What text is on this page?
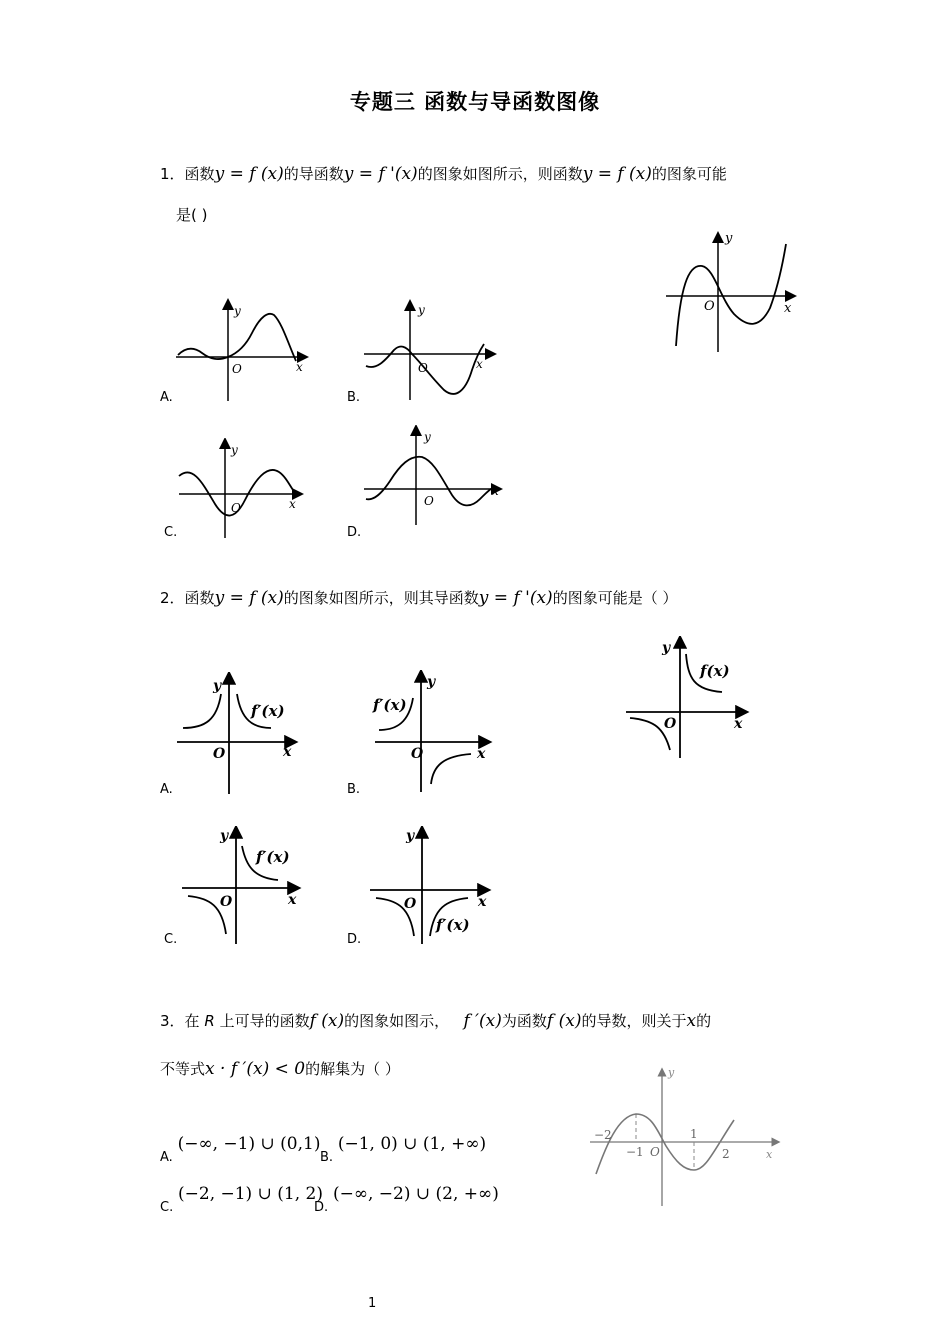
专题三 函数与导函数图像
1．函数y = f (x)的导函数y = f '(x)的图象如图所示，则函数y = f (x)的图象可能
是( )
y
O	x
y
O	x
A.
y
O	x
B.
y
O	x
C.
y
O
x
D.
2．函数y = f (x)的图象如图所示，则其导函数y = f '(x)的图象可能是（ ）
y
f(x)
O	x
y
f′(x)
O	x
A.
f′(x)
y
O	x
B.
y
f′(x)
O	x
C.
y
O	x
f′(x)
D.
3．在 R 上可导的函数f (x)的图象如图示， f ′(x)为函数f (x)的导数，则关于x的
不等式x · f ′(x) < 0的解集为（ ）
−2
−1 O
1
2	x
y
A. (−∞, −1) ∪ (0,1)
B. (−1, 0) ∪ (1, +∞)
C. (−2, −1) ∪ (1, 2)
D. (−∞, −2) ∪ (2, +∞)
1
